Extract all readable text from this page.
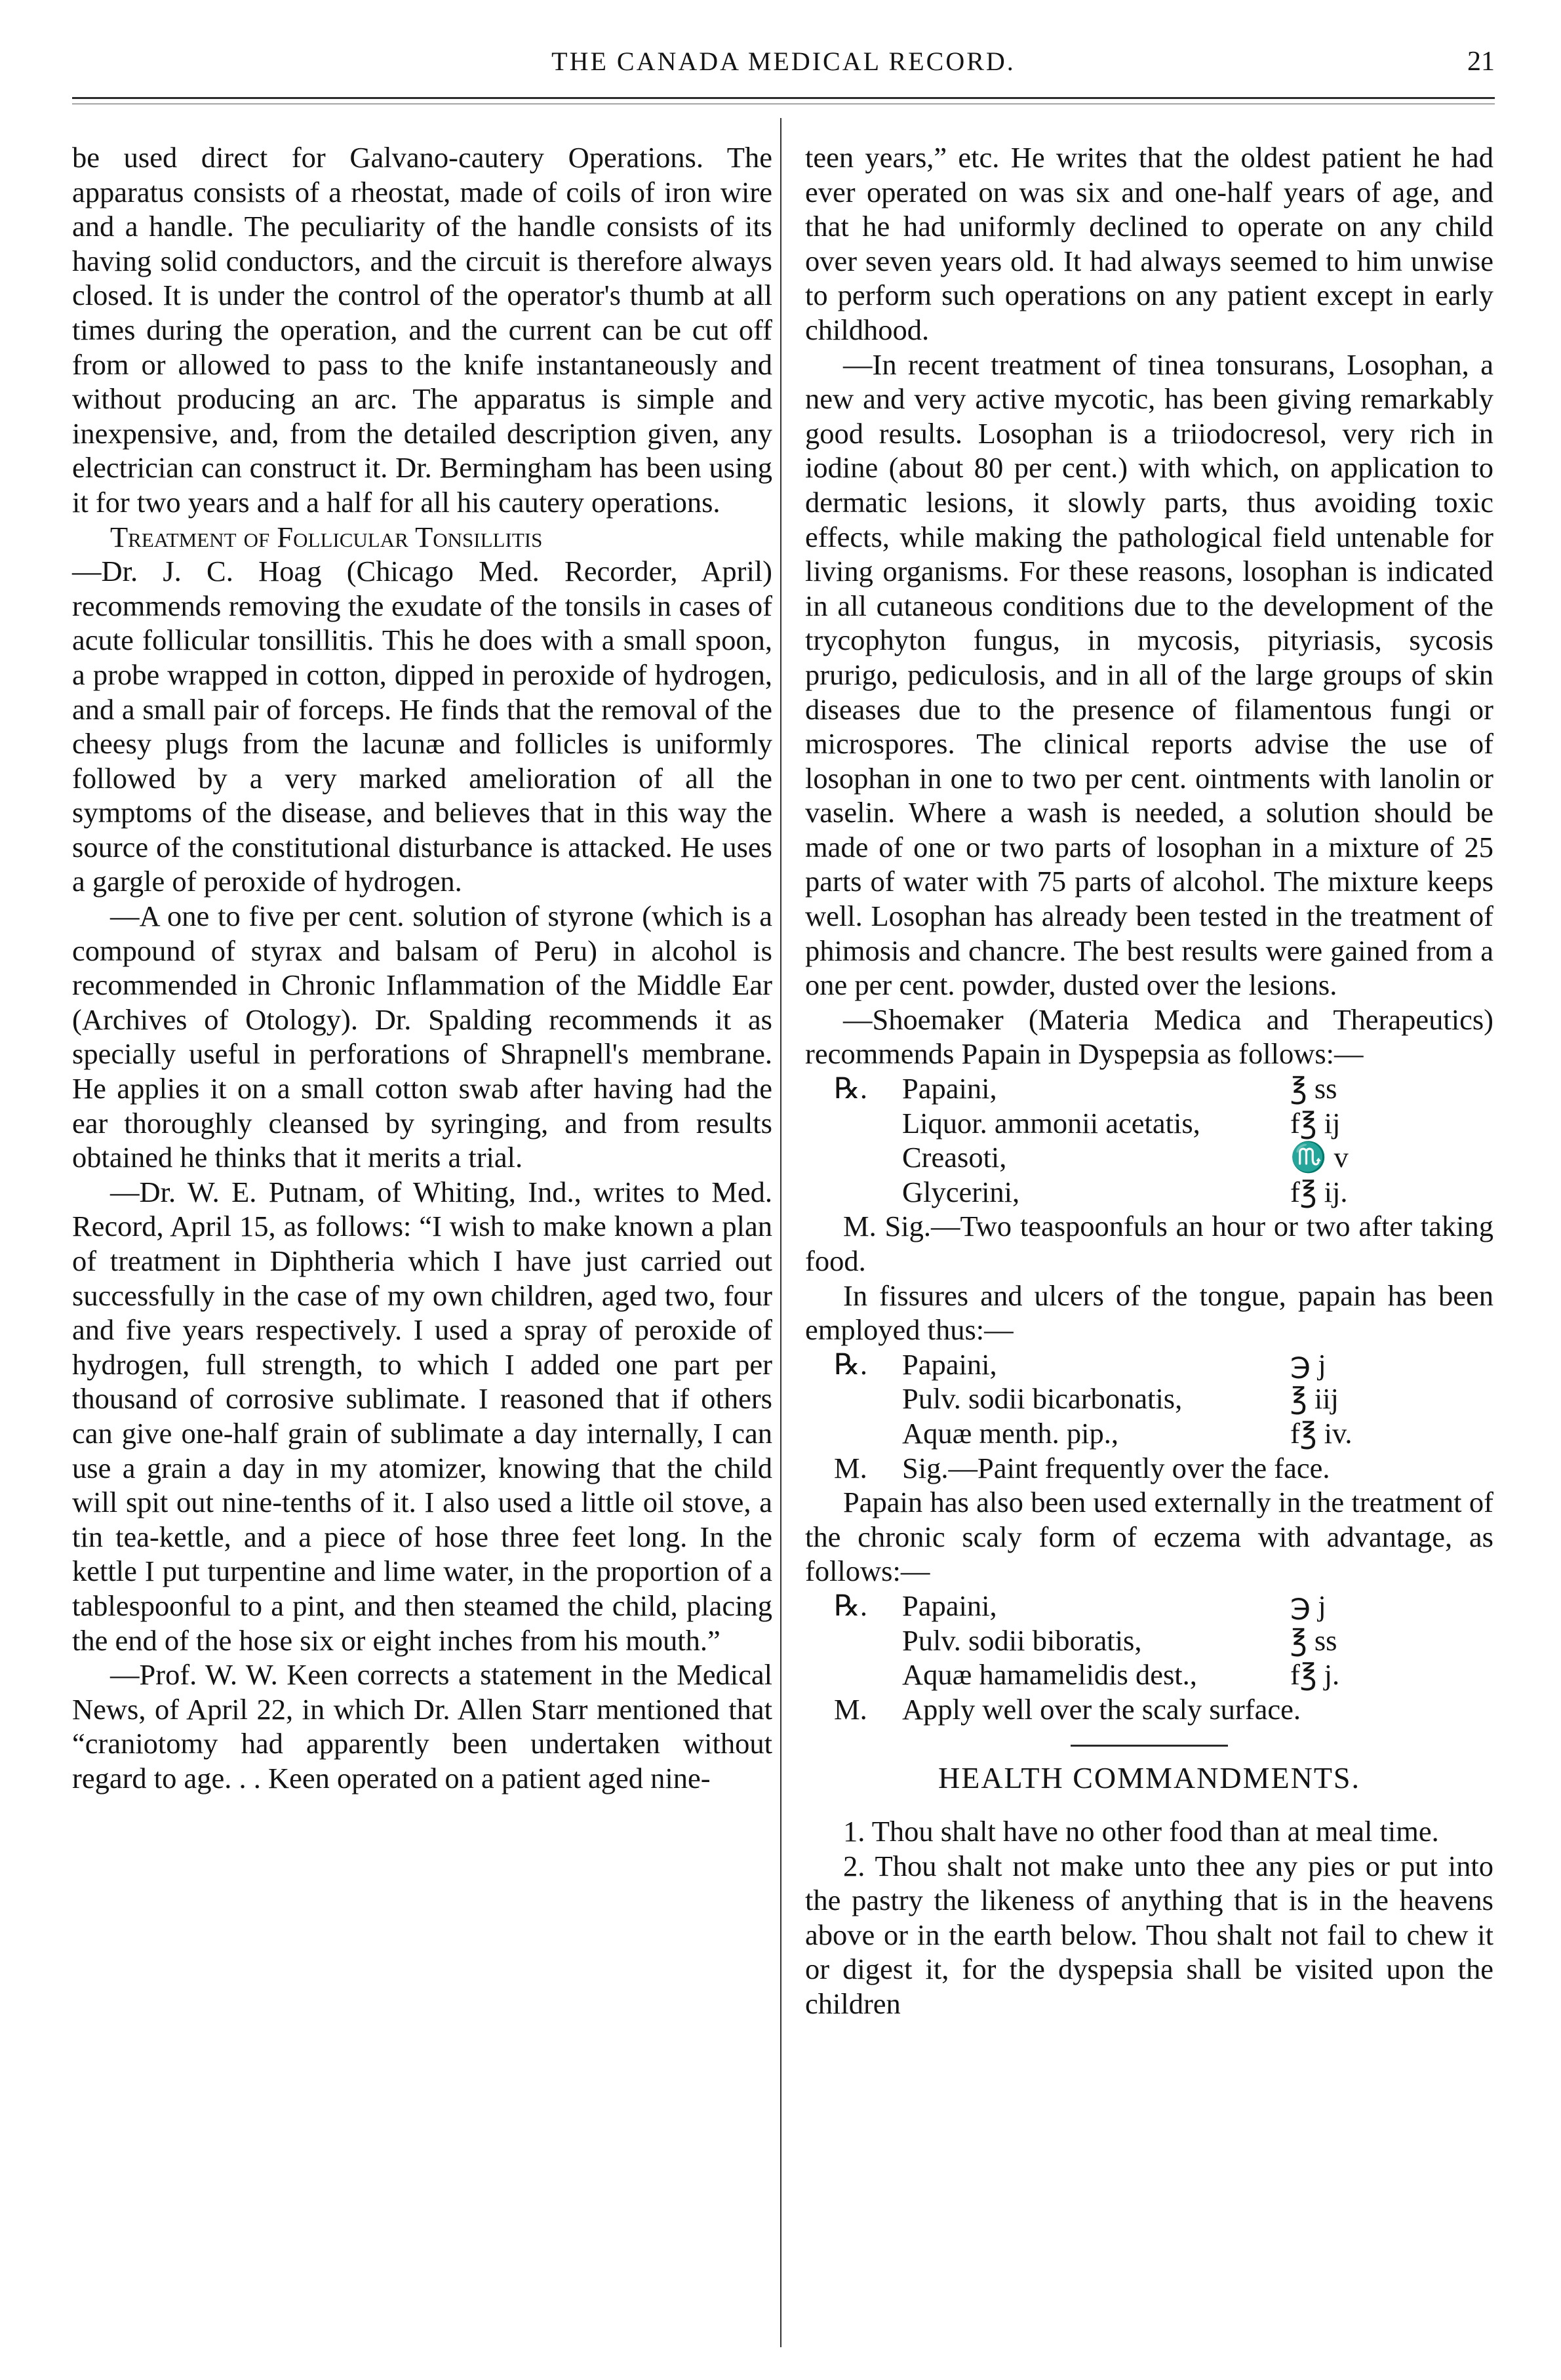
THE CANADA MEDICAL RECORD.	21

be used direct for Galvano-cautery Operations. The apparatus consists of a rheostat, made of coils of iron wire and a handle. The peculiarity of the handle consists of its having solid conductors, and the circuit is therefore always closed. It is under the control of the operator's thumb at all times during the operation, and the current can be cut off from or allowed to pass to the knife instantaneously and without producing an arc. The apparatus is simple and inexpensive, and, from the detailed description given, any electrician can construct it. Dr. Bermingham has been using it for two years and a half for all his cautery operations.

Treatment of Follicular Tonsillitis

—Dr. J. C. Hoag (Chicago Med. Recorder, April) recommends removing the exudate of the tonsils in cases of acute follicular tonsillitis. This he does with a small spoon, a probe wrapped in cotton, dipped in peroxide of hydrogen, and a small pair of forceps. He finds that the removal of the cheesy plugs from the lacunæ and follicles is uniformly followed by a very marked amelioration of all the symptoms of the disease, and believes that in this way the source of the constitutional disturbance is attacked. He uses a gargle of peroxide of hydrogen.

—A one to five per cent. solution of styrone (which is a compound of styrax and balsam of Peru) in alcohol is recommended in Chronic Inflammation of the Middle Ear (Archives of Otology). Dr. Spalding recommends it as specially useful in perforations of Shrapnell's membrane. He applies it on a small cotton swab after having had the ear thoroughly cleansed by syringing, and from results obtained he thinks that it merits a trial.

—Dr. W. E. Putnam, of Whiting, Ind., writes to Med. Record, April 15, as follows: “I wish to make known a plan of treatment in Diphtheria which I have just carried out successfully in the case of my own children, aged two, four and five years respectively. I used a spray of peroxide of hydrogen, full strength, to which I added one part per thousand of corrosive sublimate. I reasoned that if others can give one-half grain of sublimate a day internally, I can use a grain a day in my atomizer, knowing that the child will spit out nine-tenths of it. I also used a little oil stove, a tin tea-kettle, and a piece of hose three feet long. In the kettle I put turpentine and lime water, in the proportion of a tablespoonful to a pint, and then steamed the child, placing the end of the hose six or eight inches from his mouth.”

—Prof. W. W. Keen corrects a statement in the Medical News, of April 22, in which Dr. Allen Starr mentioned that “craniotomy had apparently been undertaken without regard to age. . . Keen operated on a patient aged nine-

teen years,” etc. He writes that the oldest patient he had ever operated on was six and one-half years of age, and that he had uniformly declined to operate on any child over seven years old. It had always seemed to him unwise to perform such operations on any patient except in early childhood.

—In recent treatment of tinea tonsurans, Losophan, a new and very active mycotic, has been giving remarkably good results. Losophan is a triiodocresol, very rich in iodine (about 80 per cent.) with which, on application to dermatic lesions, it slowly parts, thus avoiding toxic effects, while making the pathological field untenable for living organisms. For these reasons, losophan is indicated in all cutaneous conditions due to the development of the trycophyton fungus, in mycosis, pityriasis, sycosis prurigo, pediculosis, and in all of the large groups of skin diseases due to the presence of filamentous fungi or microspores. The clinical reports advise the use of losophan in one to two per cent. ointments with lanolin or vaselin. Where a wash is needed, a solution should be made of one or two parts of losophan in a mixture of 25 parts of water with 75 parts of alcohol. The mixture keeps well. Losophan has already been tested in the treatment of phimosis and chancre. The best results were gained from a one per cent. powder, dusted over the lesions.

—Shoemaker (Materia Medica and Therapeutics) recommends Papain in Dyspepsia as follows:—

℞. Papaini,	℥ ss
Liquor. ammonii acetatis,	f℥ ij
Creasoti,	♏ v
Glycerini,	f℥ ij.

M. Sig.—Two teaspoonfuls an hour or two after taking food.

In fissures and ulcers of the tongue, papain has been employed thus:—

℞. Papaini,	℈ j
Pulv. sodii bicarbonatis,	℥ iij
Aquæ menth. pip.,	f℥ iv.
M. Sig.—Paint frequently over the face.

Papain has also been used externally in the treatment of the chronic scaly form of eczema with advantage, as follows:—

℞. Papaini,	℈ j
Pulv. sodii biboratis,	℥ ss
Aquæ hamamelidis dest.,	f℥ j.
M. Apply well over the scaly surface.
HEALTH COMMANDMENTS.

1. Thou shalt have no other food than at meal time.

2. Thou shalt not make unto thee any pies or put into the pastry the likeness of anything that is in the heavens above or in the earth below. Thou shalt not fail to chew it or digest it, for the dyspepsia shall be visited upon the children
